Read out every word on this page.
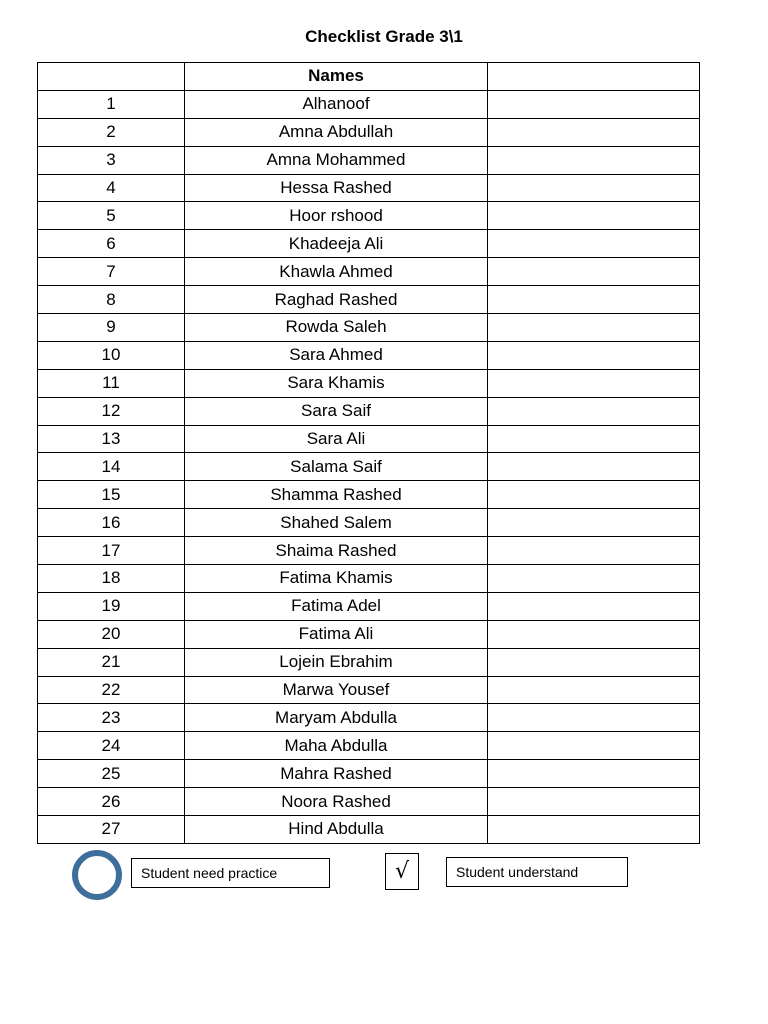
Checklist Grade 3\1
	Names	
1	Alhanoof	
2	Amna Abdullah	
3	Amna Mohammed	
4	Hessa Rashed	
5	Hoor rshood	
6	Khadeeja Ali	
7	Khawla Ahmed	
8	Raghad Rashed	
9	Rowda Saleh	
10	Sara Ahmed	
11	Sara Khamis	
12	Sara Saif	
13	Sara Ali	
14	Salama Saif	
15	Shamma Rashed	
16	Shahed Salem	
17	Shaima Rashed	
18	Fatima Khamis	
19	Fatima Adel	
20	Fatima Ali	
21	Lojein Ebrahim	
22	Marwa Yousef	
23	Maryam Abdulla	
24	Maha Abdulla	
25	Mahra Rashed	
26	Noora Rashed	
27	Hind Abdulla	
Student need practice	√	Student understand
